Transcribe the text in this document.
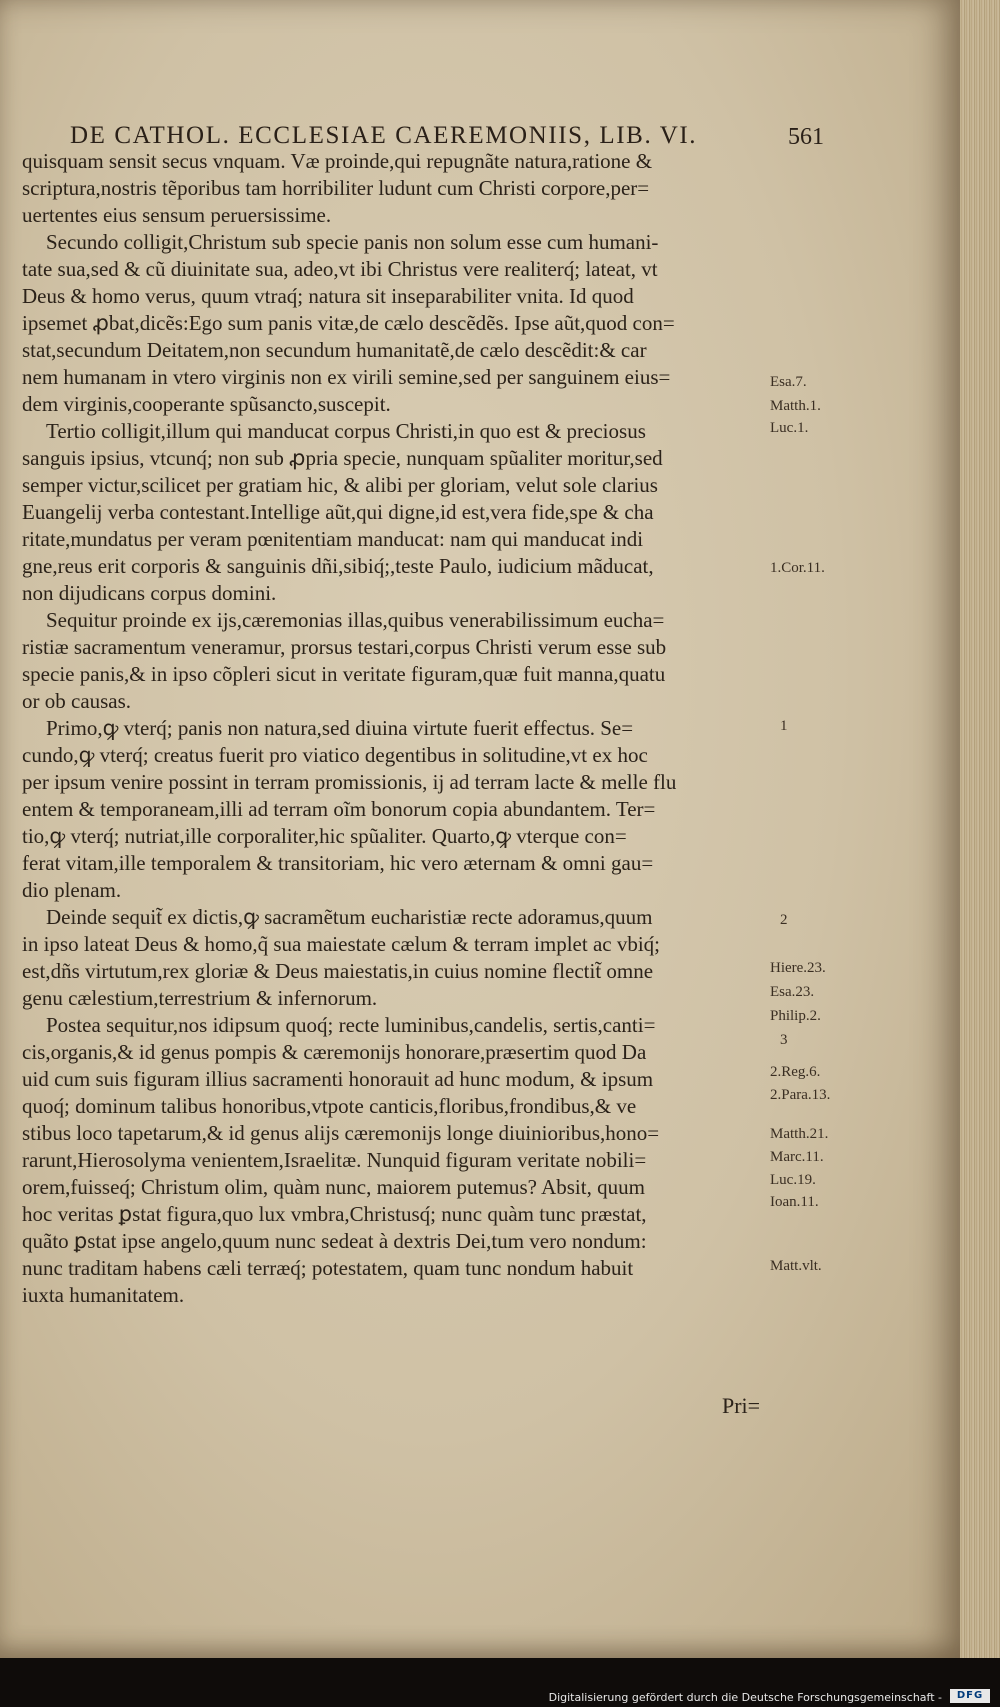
DE CATHOL. ECCLESIAE CAEREMONIIS, LIB. VI.	561
quisquam sensit secus vnquam. Væ proinde,qui repugnãte natura,ratione &
scriptura,nostris tẽporibus tam horribiliter ludunt cum Christi corpore,per=
uertentes eius sensum peruersissime.
Secundo colligit,Christum sub specie panis non solum esse cum humani-
tate sua,sed & cũ diuinitate sua, adeo,vt ibi Christus vere realiterq́; lateat, vt
Deus & homo verus, quum vtraq́; natura sit inseparabiliter vnita. Id quod
ipsemet ꝓbat,dicẽs:Ego sum panis vitæ,de cælo descẽdẽs. Ipse aũt,quod con=
stat,secundum Deitatem,non secundum humanitatẽ,de cælo descẽdit:& car
nem humanam in vtero virginis non ex virili semine,sed per sanguinem eius=
dem virginis,cooperante spũsancto,suscepit.
Tertio colligit,illum qui manducat corpus Christi,in quo est & preciosus
sanguis ipsius, vtcunq́; non sub ꝓpria specie, nunquam spũaliter moritur,sed
semper victur,scilicet per gratiam hic, & alibi per gloriam, velut sole clarius
Euangelij verba contestant.Intellige aũt,qui digne,id est,vera fide,spe & cha
ritate,mundatus per veram pœnitentiam manducat: nam qui manducat indi
gne,reus erit corporis & sanguinis dñi,sibiq́;,teste Paulo, iudicium mãducat,
non dijudicans corpus domini.
Sequitur proinde ex ijs,cæremonias illas,quibus venerabilissimum eucha=
ristiæ sacramentum veneramur, prorsus testari,corpus Christi verum esse sub
specie panis,& in ipso cõpleri sicut in veritate figuram,quæ fuit manna,quatu
or ob causas.
Primo,ꝙ vterq́; panis non natura,sed diuina virtute fuerit effectus. Se=
cundo,ꝙ vterq́; creatus fuerit pro viatico degentibus in solitudine,vt ex hoc
per ipsum venire possint in terram promissionis, ij ad terram lacte & melle flu
entem & temporaneam,illi ad terram oĩm bonorum copia abundantem. Ter=
tio,ꝙ vterq́; nutriat,ille corporaliter,hic spũaliter. Quarto,ꝙ vterque con=
ferat vitam,ille temporalem & transitoriam, hic vero æternam & omni gau=
dio plenam.
Deinde sequit̃ ex dictis,ꝙ sacramẽtum eucharistiæ recte adoramus,quum
in ipso lateat Deus & homo,q̃ sua maiestate cælum & terram implet ac vbiq́;
est,dñs virtutum,rex gloriæ & Deus maiestatis,in cuius nomine flectit̃ omne
genu cælestium,terrestrium & infernorum.
Postea sequitur,nos idipsum quoq́; recte luminibus,candelis, sertis,canti=
cis,organis,& id genus pompis & cæremonijs honorare,præsertim quod Da
uid cum suis figuram illius sacramenti honorauit ad hunc modum, & ipsum
quoq́; dominum talibus honoribus,vtpote canticis,floribus,frondibus,& ve
stibus loco tapetarum,& id genus alijs cæremonijs longe diuinioribus,hono=
rarunt,Hierosolyma venientem,Israelitæ. Nunquid figuram veritate nobili=
orem,fuisseq́; Christum olim, quàm nunc, maiorem putemus? Absit, quum
hoc veritas ꝑstat figura,quo lux vmbra,Christusq́; nunc quàm tunc præstat,
quãto ꝑstat ipse angelo,quum nunc sedeat à dextris Dei,tum vero nondum:
nunc traditam habens cæli terræq́; potestatem, quam tunc nondum habuit
iuxta humanitatem.
Pri=
Esa.7.
Matth.1.
Luc.1.
1.Cor.11.
1
2
Hiere.23.
Esa.23.
Philip.2.
3
2.Reg.6.
2.Para.13.
Matth.21.
Marc.11.
Luc.19.
Ioan.11.
Matt.vlt.
Digitalisierung gefördert durch die Deutsche Forschungsgemeinschaft -	DFG
